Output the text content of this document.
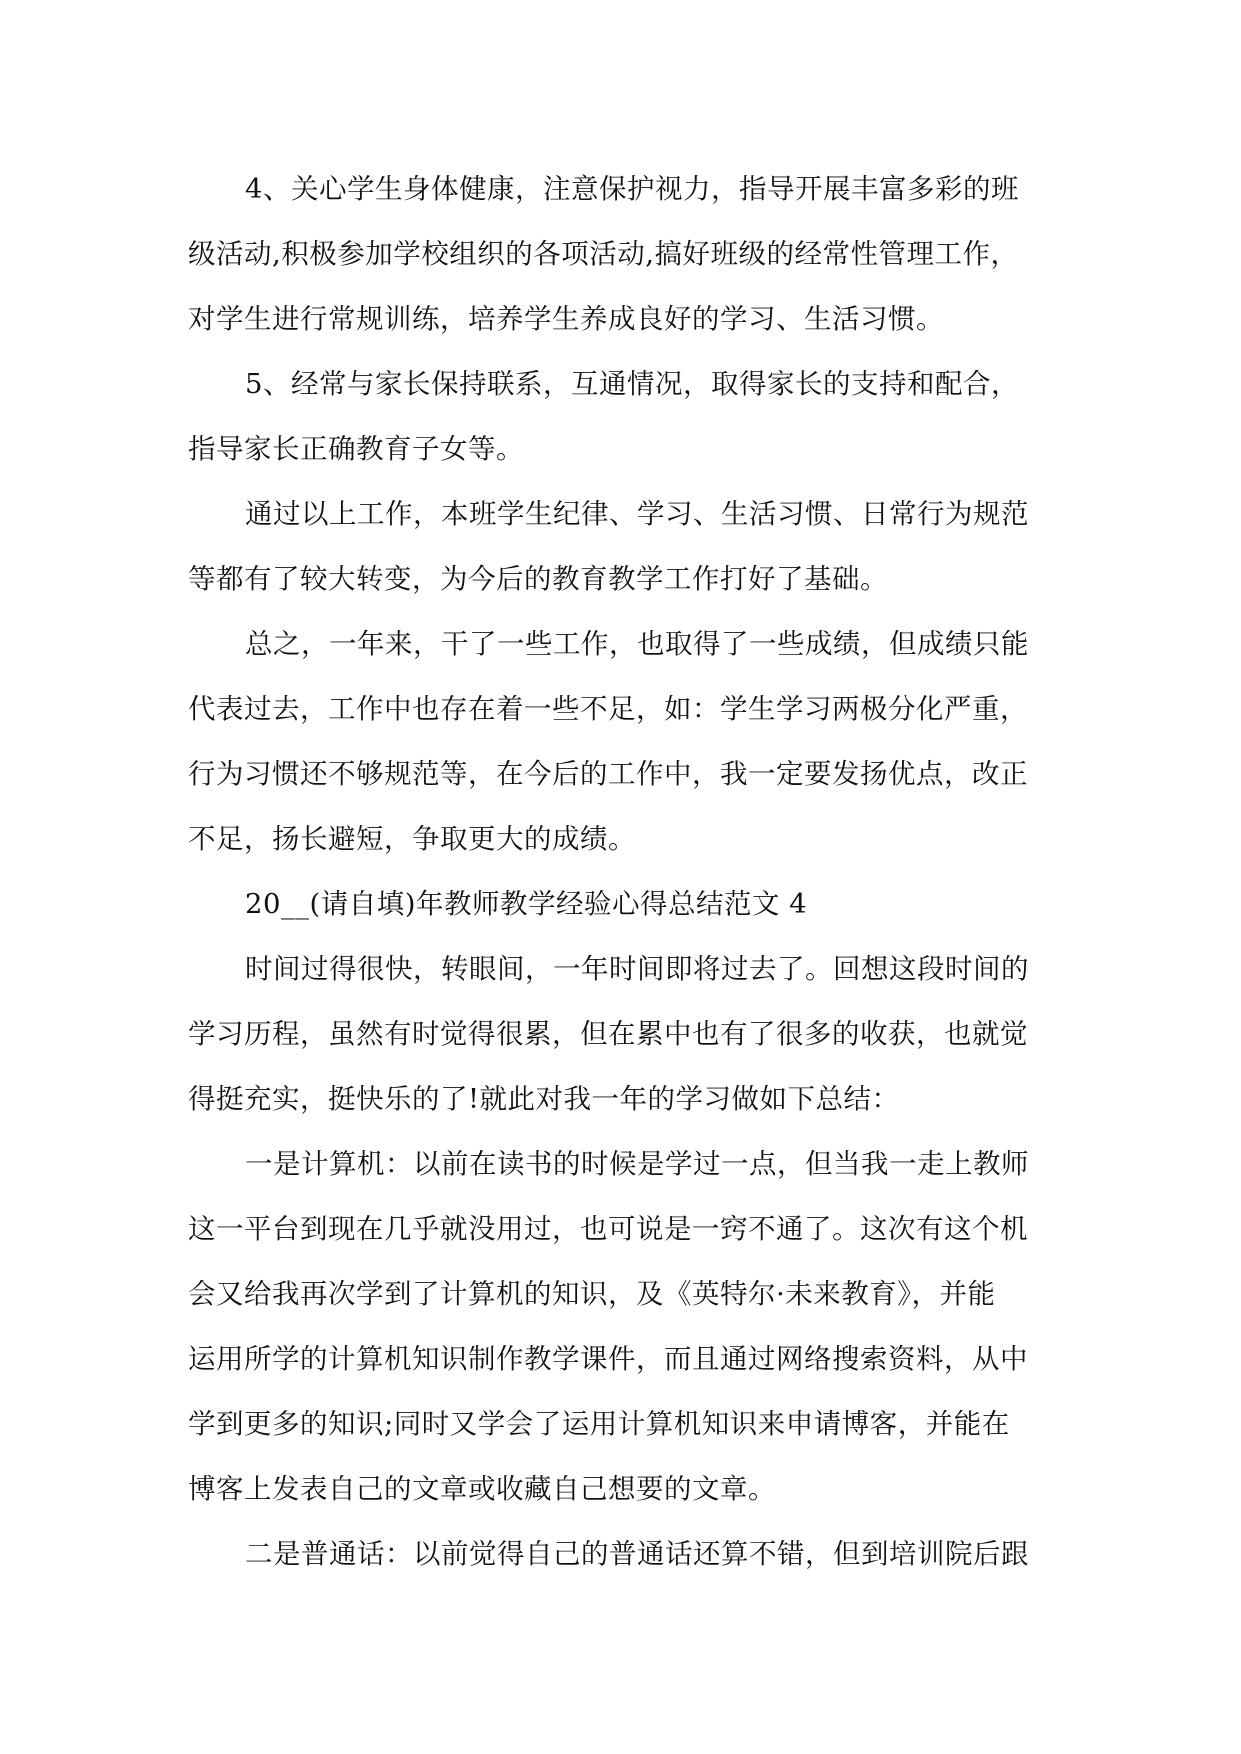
4、关心学生身体健康，注意保护视力，指导开展丰富多彩的班
级活动,积极参加学校组织的各项活动,搞好班级的经常性管理工作，
对学生进行常规训练，培养学生养成良好的学习、生活习惯。
5、经常与家长保持联系，互通情况，取得家长的支持和配合，
指导家长正确教育子女等。
通过以上工作，本班学生纪律、学习、生活习惯、日常行为规范
等都有了较大转变，为今后的教育教学工作打好了基础。
总之，一年来，干了一些工作，也取得了一些成绩，但成绩只能
代表过去，工作中也存在着一些不足，如：学生学习两极分化严重，
行为习惯还不够规范等，在今后的工作中，我一定要发扬优点，改正
不足，扬长避短，争取更大的成绩。
20__(请自填)年教师教学经验心得总结范文 4
时间过得很快，转眼间，一年时间即将过去了。回想这段时间的
学习历程，虽然有时觉得很累，但在累中也有了很多的收获，也就觉
得挺充实，挺快乐的了!就此对我一年的学习做如下总结：
一是计算机：以前在读书的时候是学过一点，但当我一走上教师
这一平台到现在几乎就没用过，也可说是一窍不通了。这次有这个机
会又给我再次学到了计算机的知识，及《英特尔·未来教育》，并能
运用所学的计算机知识制作教学课件，而且通过网络搜索资料，从中
学到更多的知识;同时又学会了运用计算机知识来申请博客，并能在
博客上发表自己的文章或收藏自己想要的文章。
二是普通话：以前觉得自己的普通话还算不错，但到培训院后跟
